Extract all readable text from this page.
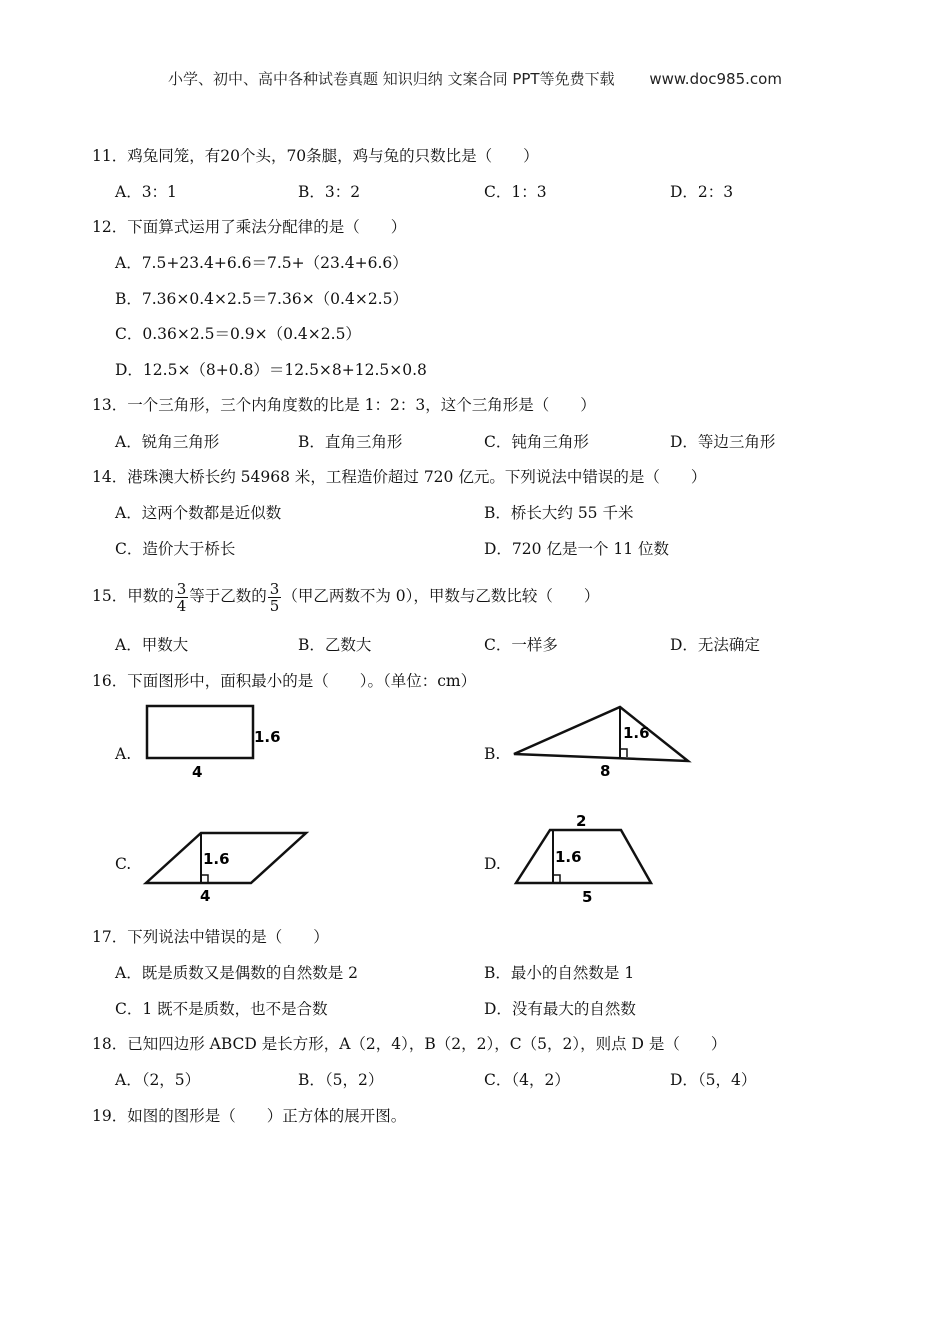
小学、初中、高中各种试卷真题 知识归纳 文案合同 PPT等免费下载 www.doc985.com
11．鸡兔同笼，有20个头，70条腿，鸡与兔的只数比是（　　）
A．3：1	B．3：2	C．1：3	D．2：3
12．下面算式运用了乘法分配律的是（　　）
A．7.5+23.4+6.6＝7.5+（23.4+6.6）
B．7.36×0.4×2.5＝7.36×（0.4×2.5）
C．0.36×2.5＝0.9×（0.4×2.5）
D．12.5×（8+0.8）＝12.5×8+12.5×0.8
13．一个三角形，三个内角度数的比是 1：2：3，这个三角形是（　　）
A．锐角三角形	B．直角三角形	C．钝角三角形	D．等边三角形
14．港珠澳大桥长约 54968 米，工程造价超过 720 亿元。下列说法中错误的是（　　）
A．这两个数都是近似数	B．桥长大约 55 千米
C．造价大于桥长	D．720 亿是一个 11 位数
15．甲数的 $\frac{3}{4}$ 等于乙数的 $\frac{3}{5}$ （甲乙两数不为 0），甲数与乙数比较（　　）
A．甲数大	B．乙数大	C．一样多	D．无法确定
16．下面图形中，面积最小的是（　　）。（单位：cm）
A.	B.
C.	D.
1.6
4
1.6
8
1.6
4
2
1.6
5
17．下列说法中错误的是（　　）
A．既是质数又是偶数的自然数是 2	B．最小的自然数是 1
C．1 既不是质数，也不是合数	D．没有最大的自然数
18．已知四边形 ABCD 是长方形，A（2，4），B（2，2），C（5，2），则点 D 是（　　）
A．（2，5）	B．（5，2）	C．（4，2）	D．（5，4）
19．如图的图形是（　　）正方体的展开图。
